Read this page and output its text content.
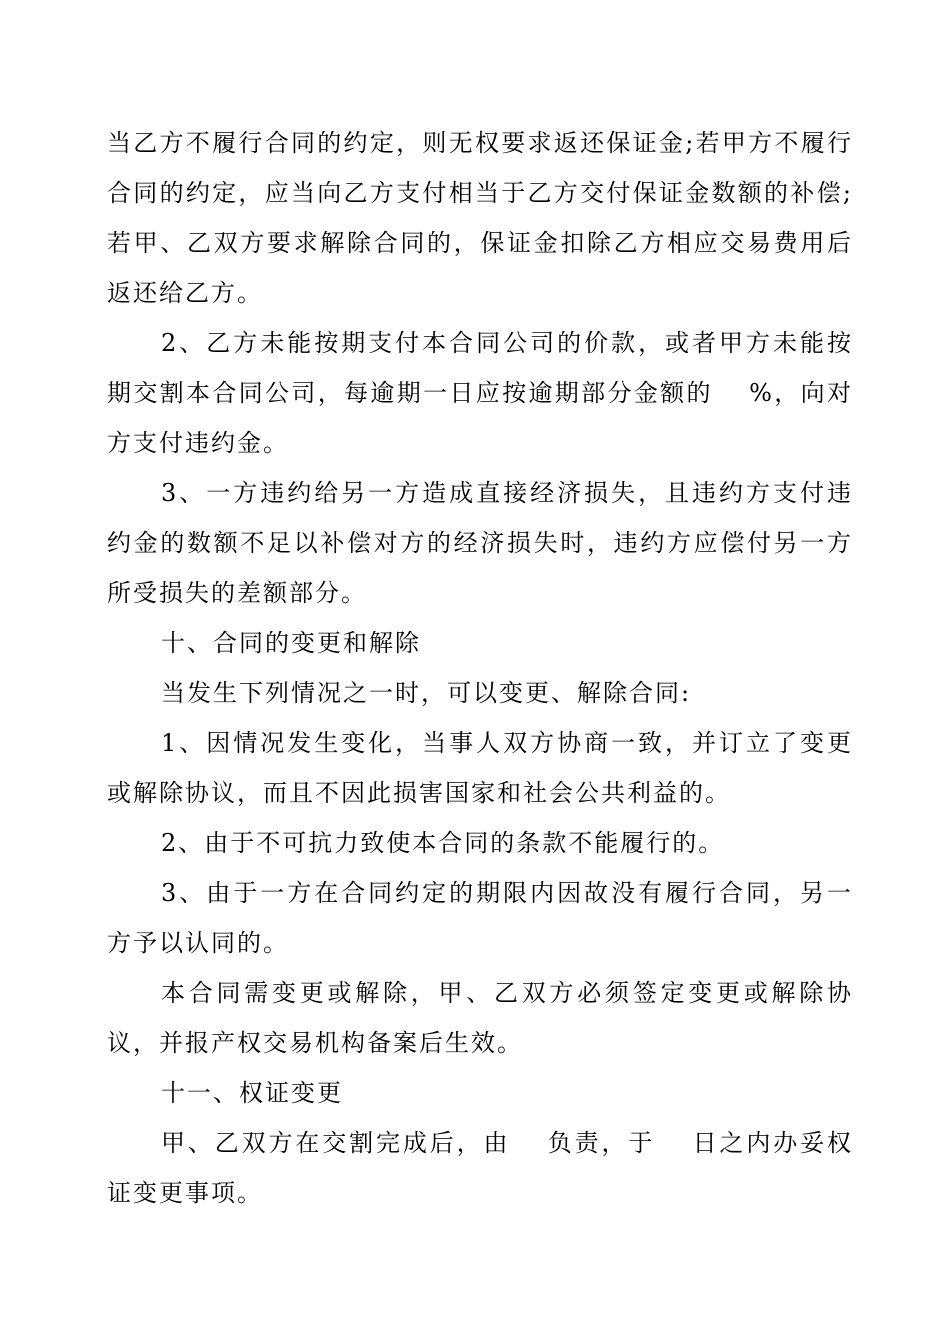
当乙方不履行合同的约定，则无权要求返还保证金;若甲方不履行合同的约定，应当向乙方支付相当于乙方交付保证金数额的补偿;若甲、乙双方要求解除合同的，保证金扣除乙方相应交易费用后返还给乙方。

2、乙方未能按期支付本合同公司的价款，或者甲方未能按期交割本合同公司，每逾期一日应按逾期部分金额的　 %，向对方支付违约金。

3、一方违约给另一方造成直接经济损失，且违约方支付违约金的数额不足以补偿对方的经济损失时，违约方应偿付另一方所受损失的差额部分。

十、合同的变更和解除

当发生下列情况之一时，可以变更、解除合同:

1、因情况发生变化，当事人双方协商一致，并订立了变更或解除协议，而且不因此损害国家和社会公共利益的。

2、由于不可抗力致使本合同的条款不能履行的。

3、由于一方在合同约定的期限内因故没有履行合同，另一方予以认同的。

本合同需变更或解除，甲、乙双方必须签定变更或解除协议，并报产权交易机构备案后生效。

十一、权证变更

甲、乙双方在交割完成后，由　 负责，于　 日之内办妥权证变更事项。
